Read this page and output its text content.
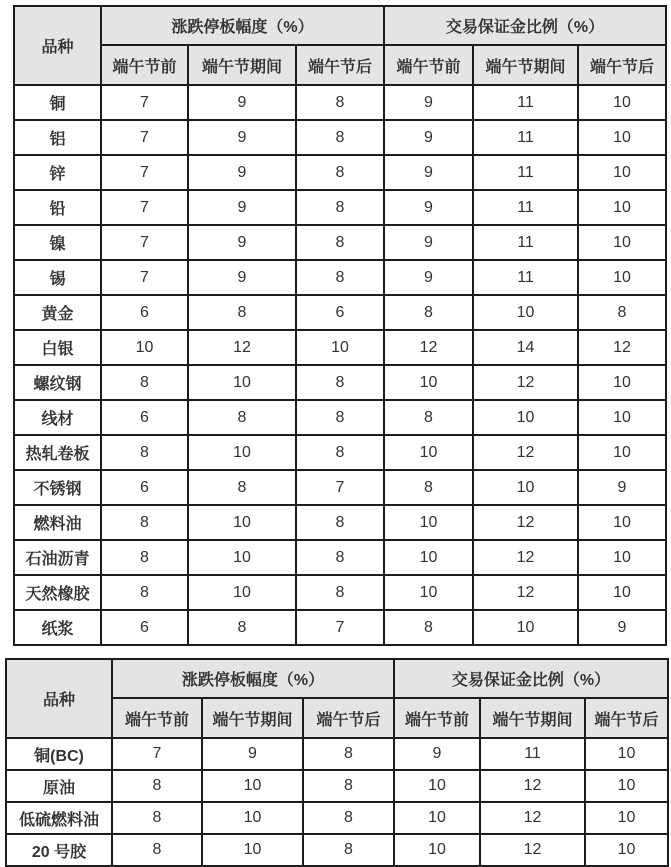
品种	涨跌停板幅度（%）			交易保证金比例（%）		
	端午节前	端午节期间	端午节后	端午节前	端午节期间	端午节后
铜	7	9	8	9	11	10
铝	7	9	8	9	11	10
锌	7	9	8	9	11	10
铅	7	9	8	9	11	10
镍	7	9	8	9	11	10
锡	7	9	8	9	11	10
黄金	6	8	6	8	10	8
白银	10	12	10	12	14	12
螺纹钢	8	10	8	10	12	10
线材	6	8	8	8	10	10
热轧卷板	8	10	8	10	12	10
不锈钢	6	8	7	8	10	9
燃料油	8	10	8	10	12	10
石油沥青	8	10	8	10	12	10
天然橡胶	8	10	8	10	12	10
纸浆	6	8	7	8	10	9
品种	涨跌停板幅度（%）			交易保证金比例（%）		
	端午节前	端午节期间	端午节后	端午节前	端午节期间	端午节后
铜(BC)	7	9	8	9	11	10
原油	8	10	8	10	12	10
低硫燃料油	8	10	8	10	12	10
20 号胶	8	10	8	10	12	10
